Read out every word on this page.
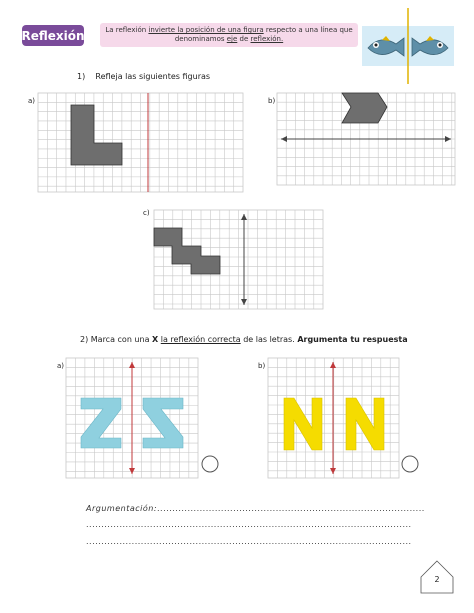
Reflexión	La reflexión invierte la posición de una figura respecto a una línea que
denominamos eje de reflexión.
1) Refleja las siguientes figuras
a)	b)
c)
2) Marca con una X la reflexión correcta de las letras. Argumenta tu respuesta
a)	b)
Argumentación:........................................................................................
...........................................................................................................
...........................................................................................................
2
